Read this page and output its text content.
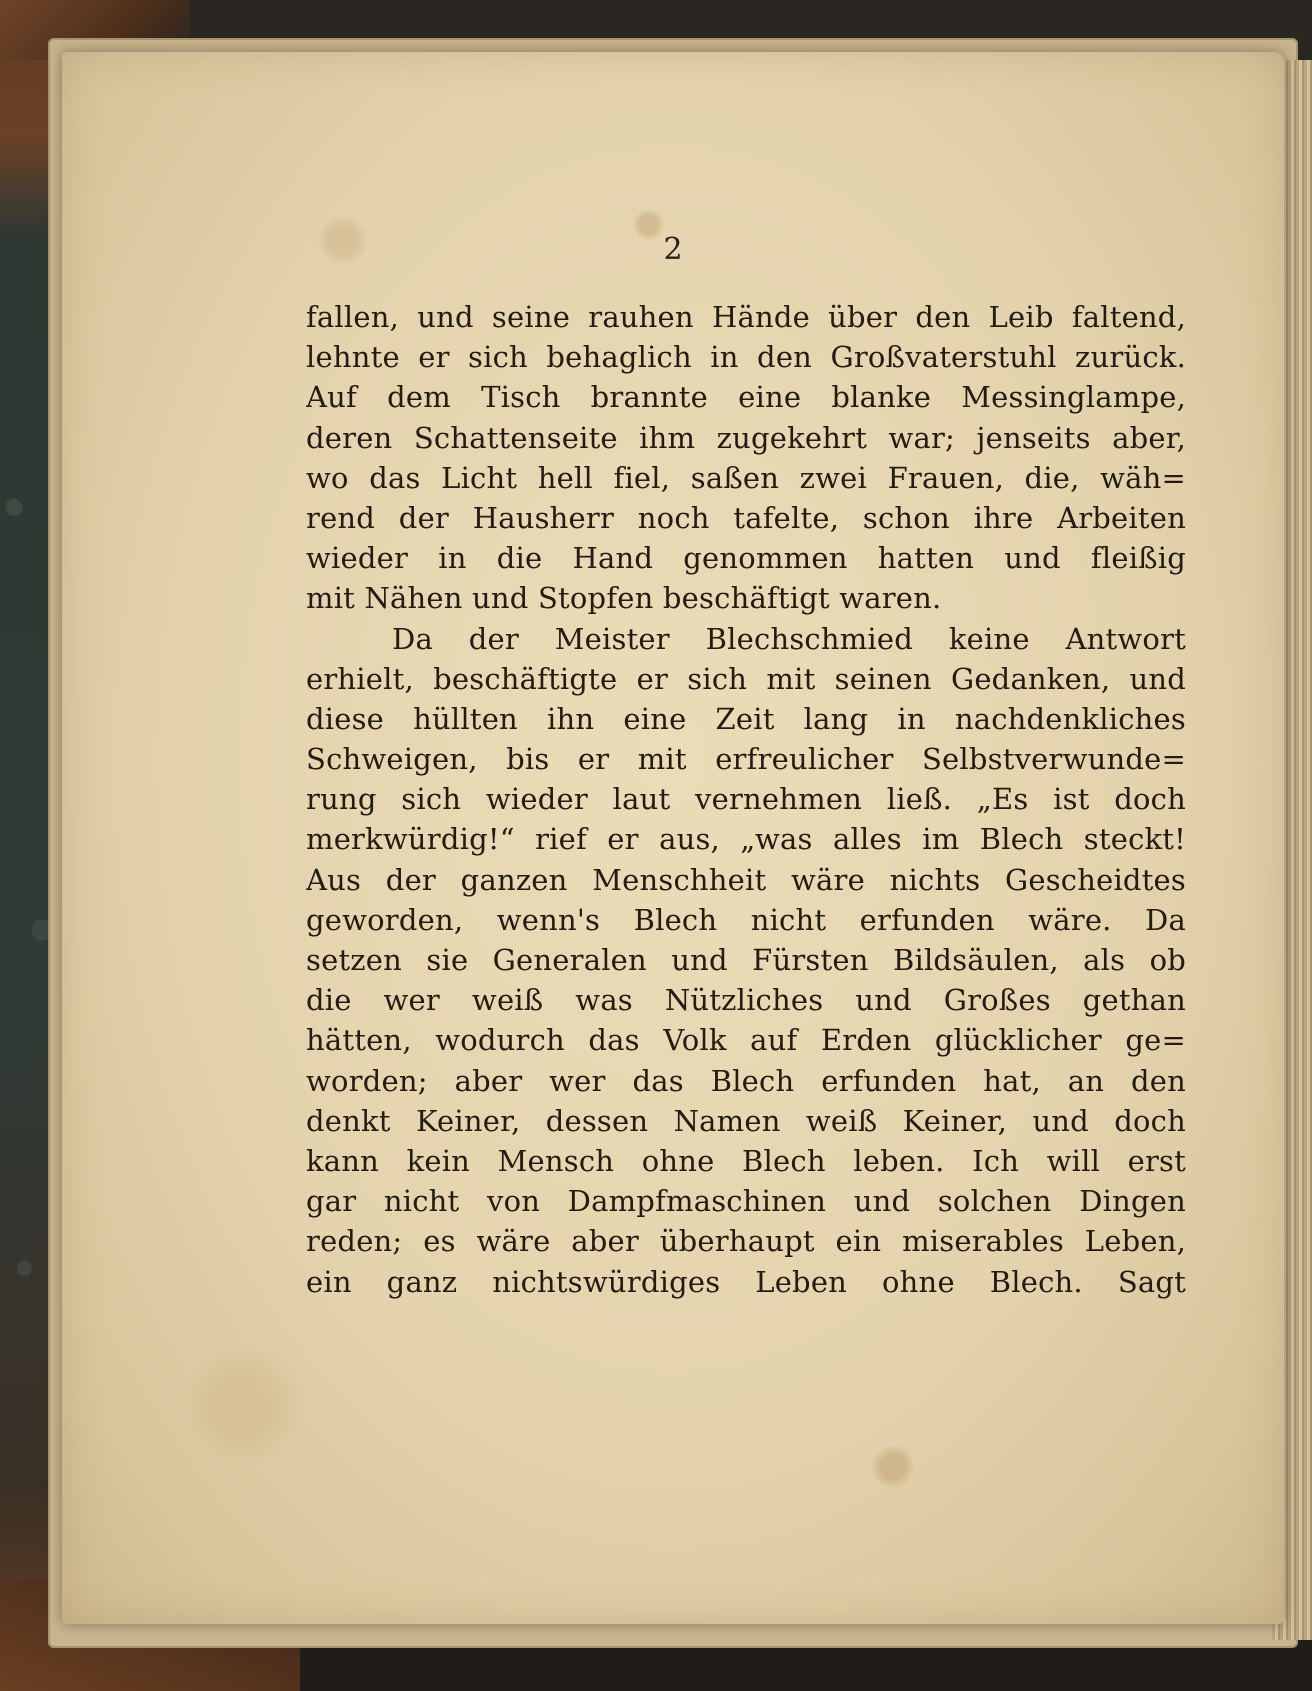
2

fallen, und seine rauhen Hände über den Leib faltend,
lehnte er sich behaglich in den Großvaterstuhl zurück.
Auf dem Tisch brannte eine blanke Messinglampe,
deren Schattenseite ihm zugekehrt war; jenseits aber,
wo das Licht hell fiel, saßen zwei Frauen, die, wäh=
rend der Hausherr noch tafelte, schon ihre Arbeiten
wieder in die Hand genommen hatten und fleißig
mit Nähen und Stopfen beschäftigt waren.
Da der Meister Blechschmied keine Antwort
erhielt, beschäftigte er sich mit seinen Gedanken, und
diese hüllten ihn eine Zeit lang in nachdenkliches
Schweigen, bis er mit erfreulicher Selbstverwunde=
rung sich wieder laut vernehmen ließ. „Es ist doch
merkwürdig!“ rief er aus, „was alles im Blech steckt!
Aus der ganzen Menschheit wäre nichts Gescheidtes
geworden, wenn's Blech nicht erfunden wäre. Da
setzen sie Generalen und Fürsten Bildsäulen, als ob
die wer weiß was Nützliches und Großes gethan
hätten, wodurch das Volk auf Erden glücklicher ge=
worden; aber wer das Blech erfunden hat, an den
denkt Keiner, dessen Namen weiß Keiner, und doch
kann kein Mensch ohne Blech leben. Ich will erst
gar nicht von Dampfmaschinen und solchen Dingen
reden; es wäre aber überhaupt ein miserables Leben,
ein ganz nichtswürdiges Leben ohne Blech. Sagt
